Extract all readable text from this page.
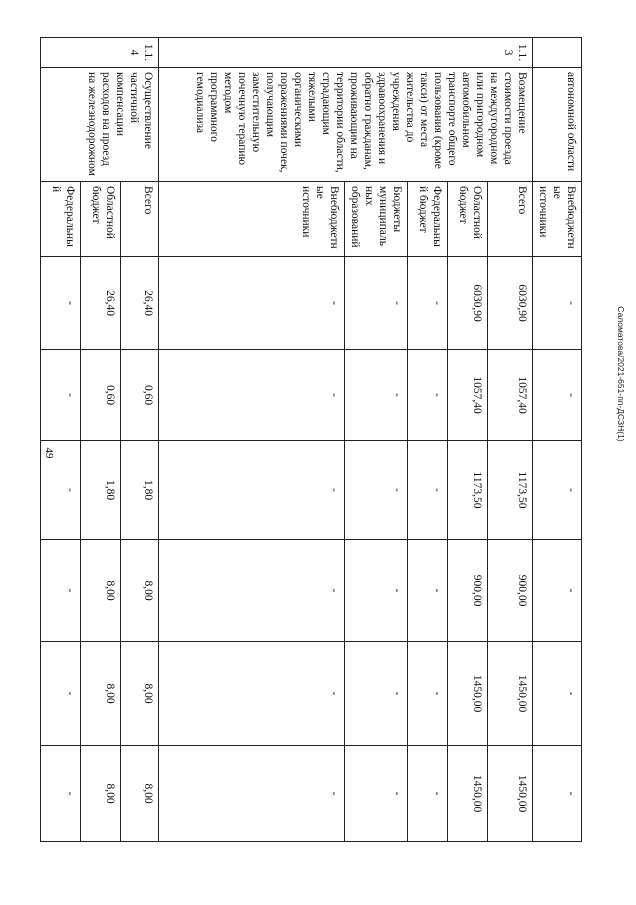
49
Саломатова/2021-651-пп-ДСЗН(1)
	автономной области	Внебюджетные источники	-	-	-	-	-	-
1.1.3	Возмещение стоимости проезда на междугородном или пригородном автомобильном транспорте общего пользования (кроме такси) от места жительства до учреждения здравоохранения и обратно гражданам, проживающим на территории области, страдающим тяжелыми органическими поражениями почек, получающим заместительную почечную терапию методом программного гемодиализа	Всего	6030,90	1057,40	1173,50	900,00	1450,00	1450,00
		Областной бюджет	6030,90	1057,40	1173,50	900,00	1450,00	1450,00
		Федеральный бюджет	-	-	-	-	-	-
		Бюджеты муниципальных образований	-	-	-	-	-	-
		Внебюджетные источники	-	-	-	-	-	-
1.1.4	Осуществление частичной компенсации расходов на проезд на железнодорожном	Всего	26,40	0,60	1,80	8,00	8,00	8,00
		Областной бюджет	26,40	0,60	1,80	8,00	8,00	8,00
		Федеральный	-	-	-	-	-	-
